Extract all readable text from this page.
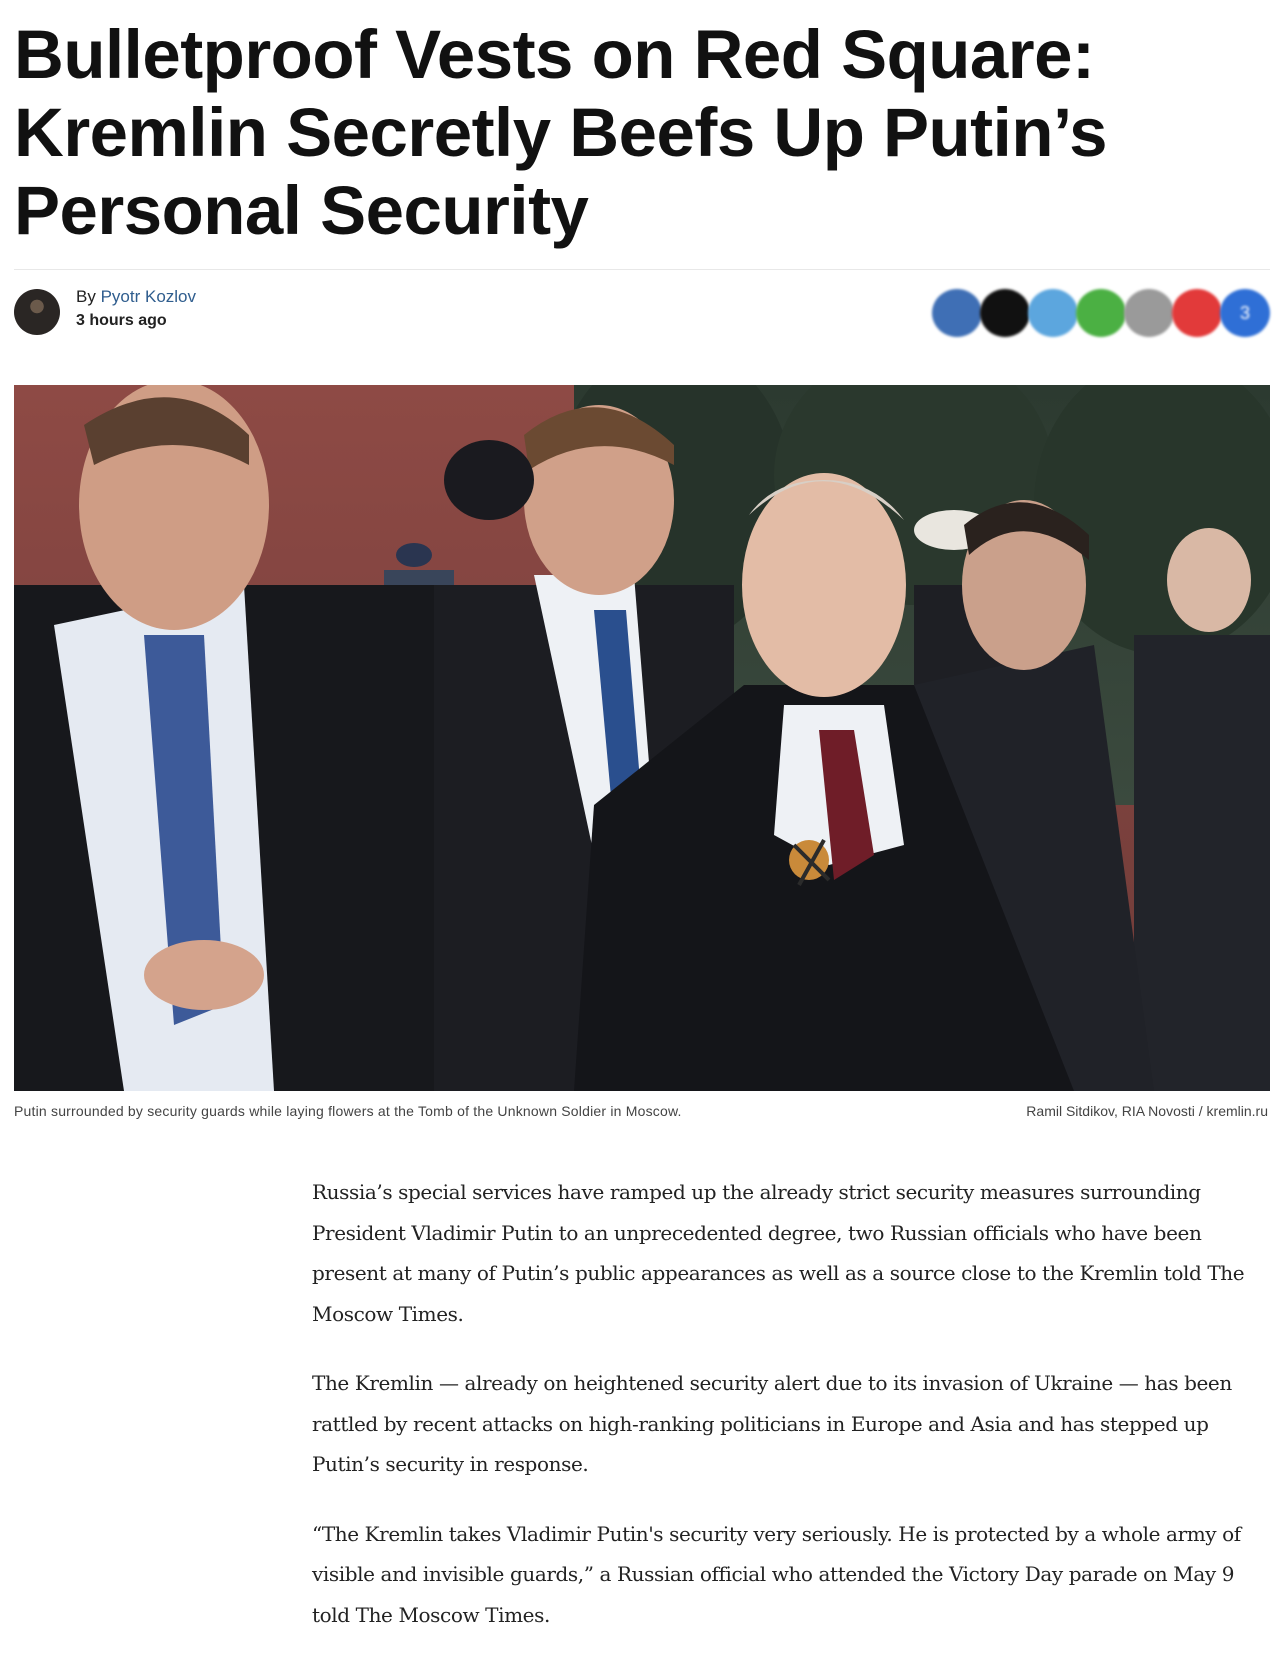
Bulletproof Vests on Red Square: Kremlin Secretly Beefs Up Putin’s Personal Security
By Pyotr Kozlov
3 hours ago	3
Putin surrounded by security guards while laying flowers at the Tomb of the Unknown Soldier in Moscow.	Ramil Sitdikov, RIA Novosti / kremlin.ru

Russia’s special services have ramped up the already strict security measures surrounding President Vladimir Putin to an unprecedented degree, two Russian officials who have been present at many of Putin’s public appearances as well as a source close to the Kremlin told The Moscow Times.

The Kremlin — already on heightened security alert due to its invasion of Ukraine — has been rattled by recent attacks on high-ranking politicians in Europe and Asia and has stepped up Putin’s security in response.

“The Kremlin takes Vladimir Putin's security very seriously. He is protected by a whole army of visible and invisible guards,” a Russian official who attended the Victory Day parade on May 9 told The Moscow Times.
